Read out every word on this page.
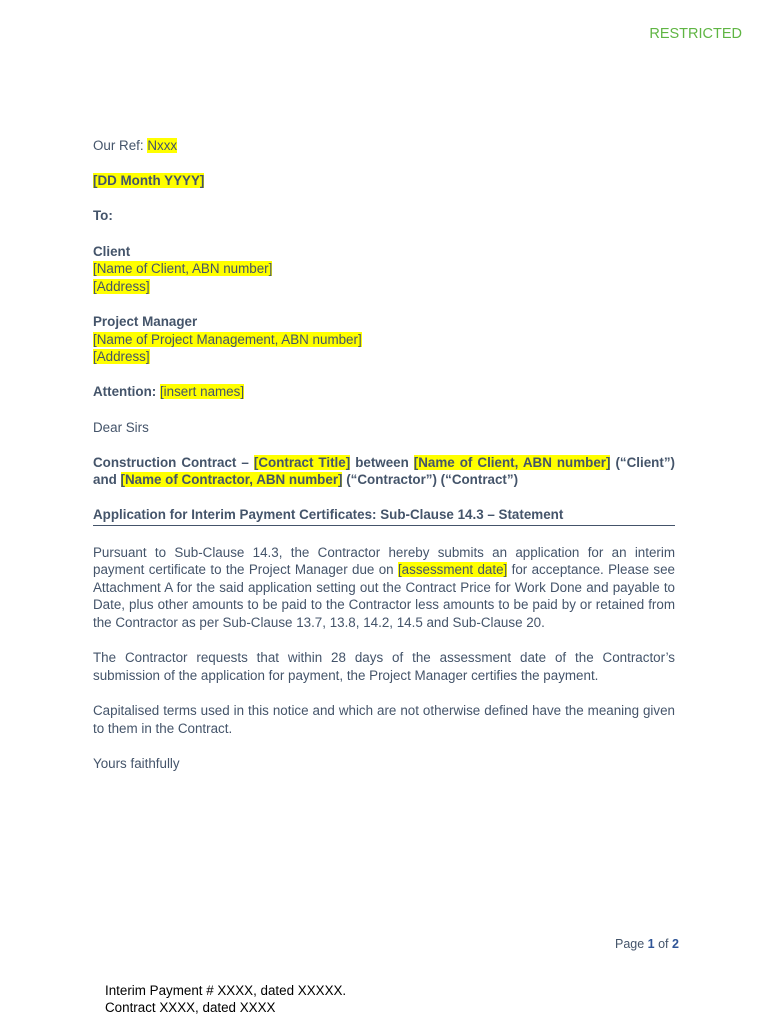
RESTRICTED

Our Ref: Nxxx

[DD Month YYYY]

To:

Client

[Name of Client, ABN number]

[Address]

Project Manager

[Name of Project Management, ABN number]

[Address]

Attention: [insert names]

Dear Sirs

Construction Contract – [Contract Title] between [Name of Client, ABN number] (“Client”) and [Name of Contractor, ABN number] (“Contractor”) (“Contract”)

Application for Interim Payment Certificates: Sub-Clause 14.3 – Statement

Pursuant to Sub-Clause 14.3, the Contractor hereby submits an application for an interim payment certificate to the Project Manager due on [assessment date] for acceptance. Please see Attachment A for the said application setting out the Contract Price for Work Done and payable to Date, plus other amounts to be paid to the Contractor less amounts to be paid by or retained from the Contractor as per Sub-Clause 13.7, 13.8, 14.2, 14.5 and Sub-Clause 20.

The Contractor requests that within 28 days of the assessment date of the Contractor’s submission of the application for payment, the Project Manager certifies the payment.

Capitalised terms used in this notice and which are not otherwise defined have the meaning given to them in the Contract.

Yours faithfully

Page 1 of 2
Interim Payment # XXXX, dated XXXXX.
Contract XXXX, dated XXXX
